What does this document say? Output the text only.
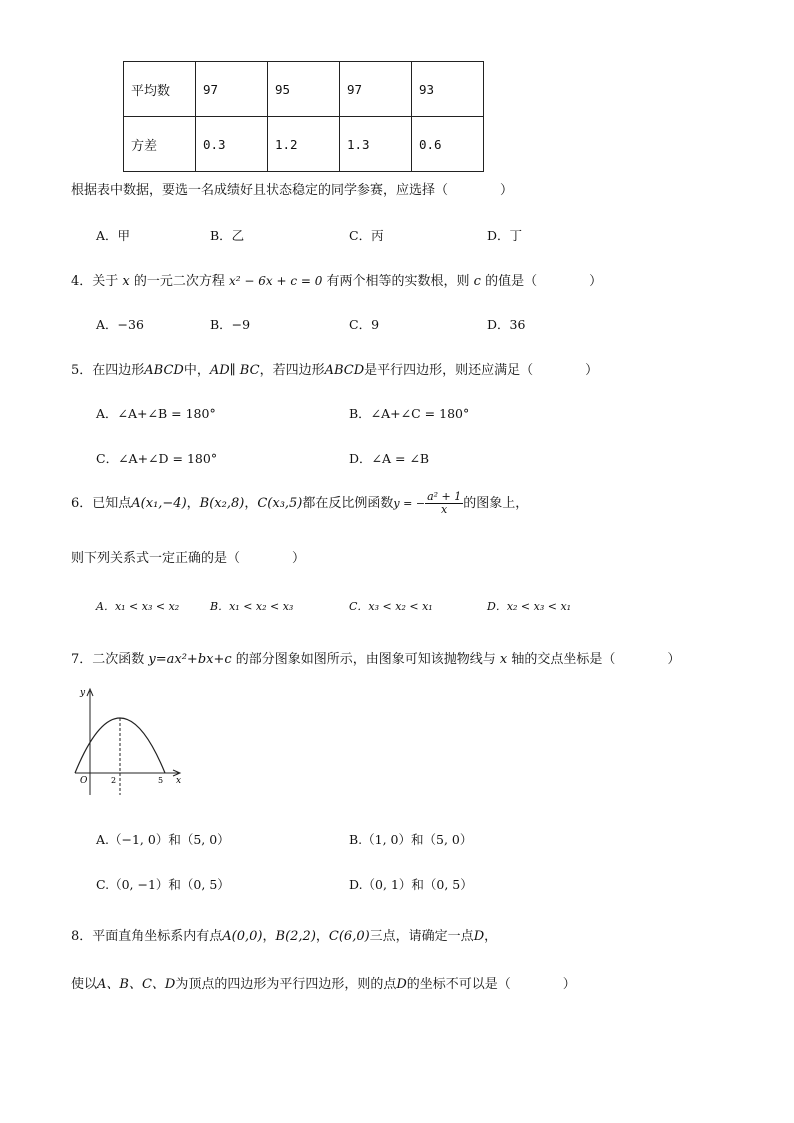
平均数	97	95	97	93
方差	0.3	1.2	1.3	0.6
根据表中数据，要选一名成绩好且状态稳定的同学参赛，应选择（　　　　）
A．甲	B．乙	C．丙	D．丁
4．关于 x 的一元二次方程 x² − 6x + c = 0 有两个相等的实数根，则 c 的值是（　　　　）
A．−36	B．−9	C．9	D．36
5．在四边形ABCD中，AD∥ BC，若四边形ABCD是平行四边形，则还应满足（　　　　）
A．∠A+∠B = 180°	B．∠A+∠C = 180°
C．∠A+∠D = 180°	D．∠A = ∠B
6．已知点A(x₁,−4)，B(x₂,8)，C(x₃,5)都在反比例函数y = − $\frac{\text{a² + 1}}{x}$ 的图象上，
则下列关系式一定正确的是（　　　　）
A．x₁ < x₃ < x₂	B．x₁ < x₂ < x₃	C．x₃ < x₂ < x₁	D．x₂ < x₃ < x₁
7．二次函数 y=ax²+bx+c 的部分图象如图所示，由图象可知该抛物线与 x 轴的交点坐标是（　　　　）
y
x
O	2	5
A.（−1, 0）和（5, 0）	B.（1, 0）和（5, 0）
C.（0, −1）和（0, 5）	D.（0, 1）和（0, 5）
8．平面直角坐标系内有点A(0,0)，B(2,2)，C(6,0)三点，请确定一点D，
使以A、B、C、D为顶点的四边形为平行四边形，则的点D的坐标不可以是（　　　　）
